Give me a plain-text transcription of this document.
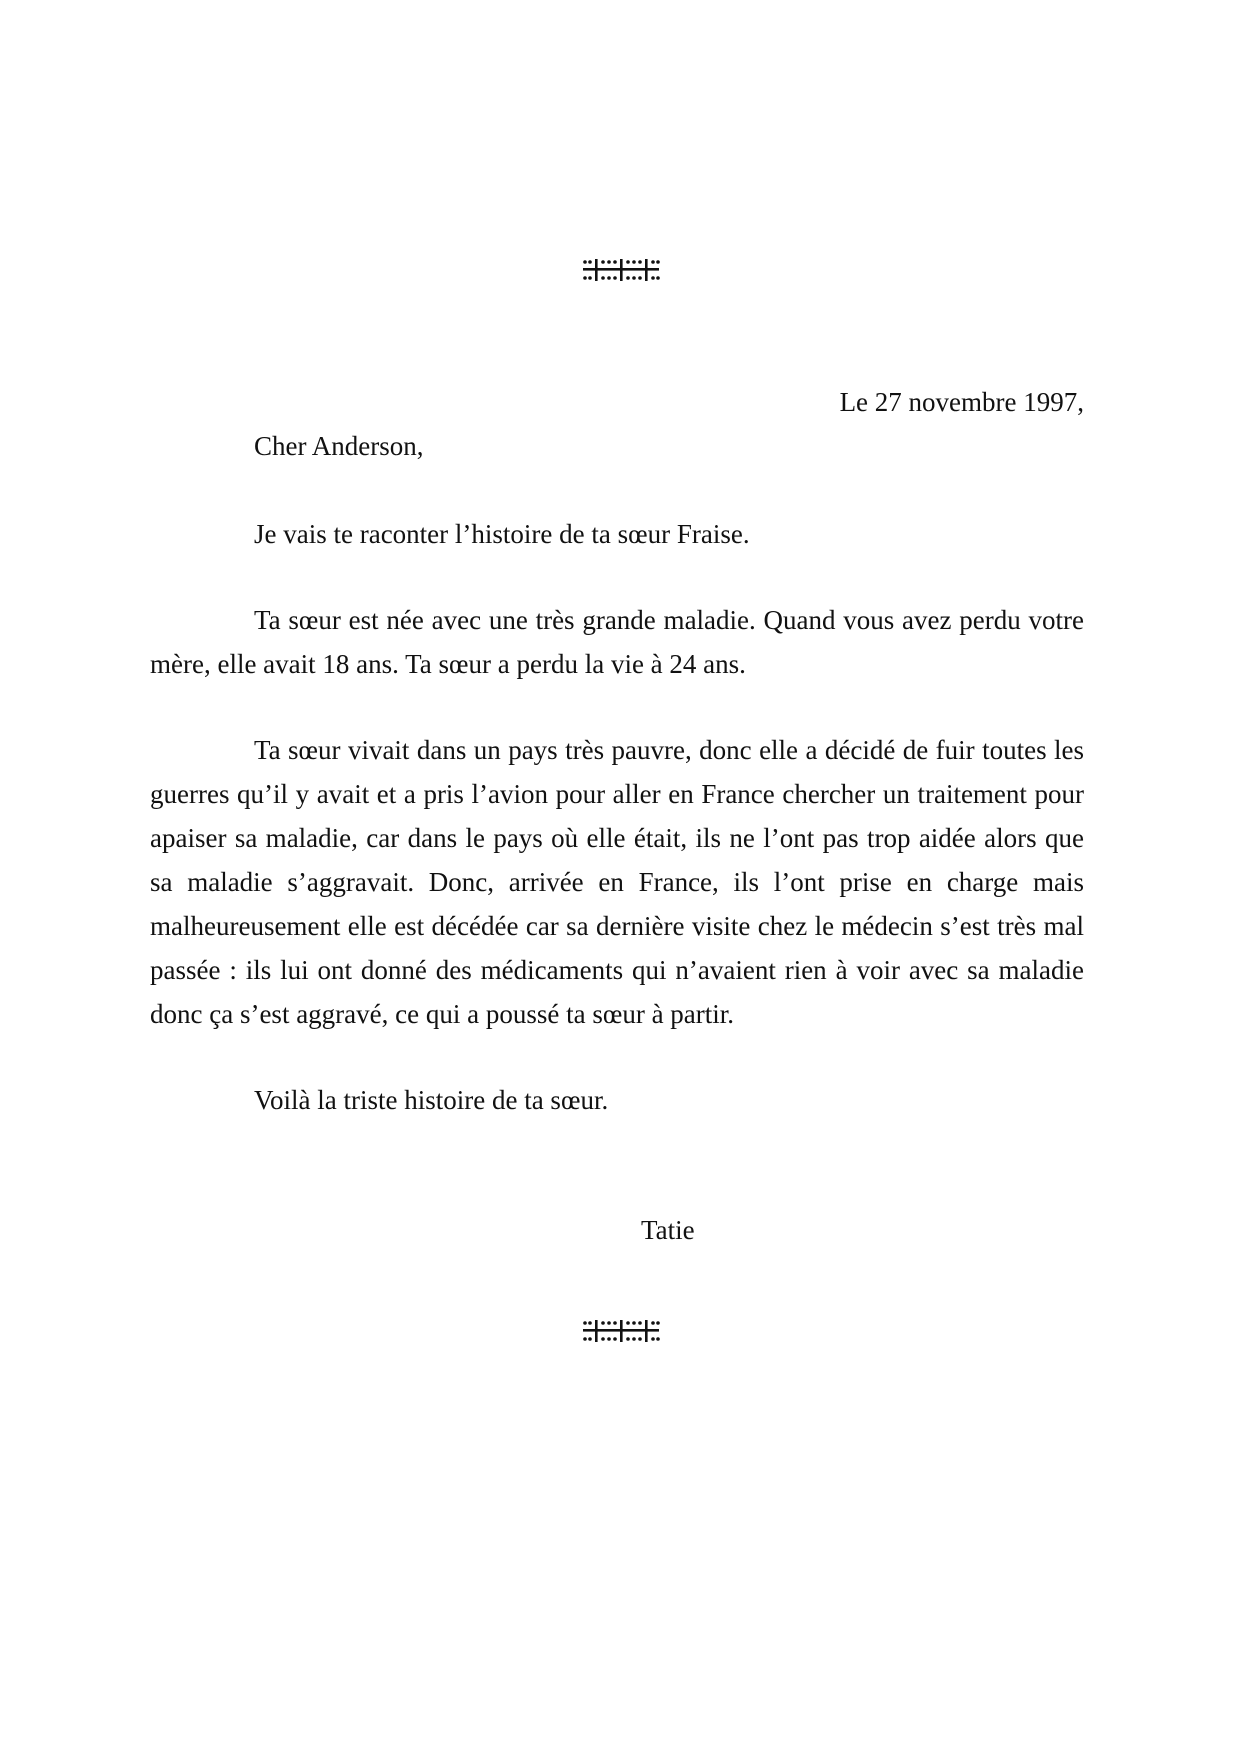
Le 27 novembre 1997,
Cher Anderson,

Je vais te raconter l’histoire de ta sœur Fraise.

Ta sœur est née avec une très grande maladie. Quand vous avez perdu votre mère, elle avait 18 ans. Ta sœur a perdu la vie à 24 ans.

Ta sœur vivait dans un pays très pauvre, donc elle a décidé de fuir toutes les guerres qu’il y avait et a pris l’avion pour aller en France chercher un traitement pour apaiser sa maladie, car dans le pays où elle était, ils ne l’ont pas trop aidée alors que sa maladie s’aggravait. Donc, arrivée en France, ils l’ont prise en charge mais malheureusement elle est décédée car sa dernière visite chez le médecin s’est très mal passée : ils lui ont donné des médicaments qui n’avaient rien à voir avec sa maladie donc ça s’est aggravé, ce qui a poussé ta sœur à partir.

Voilà la triste histoire de ta sœur.

Tatie
